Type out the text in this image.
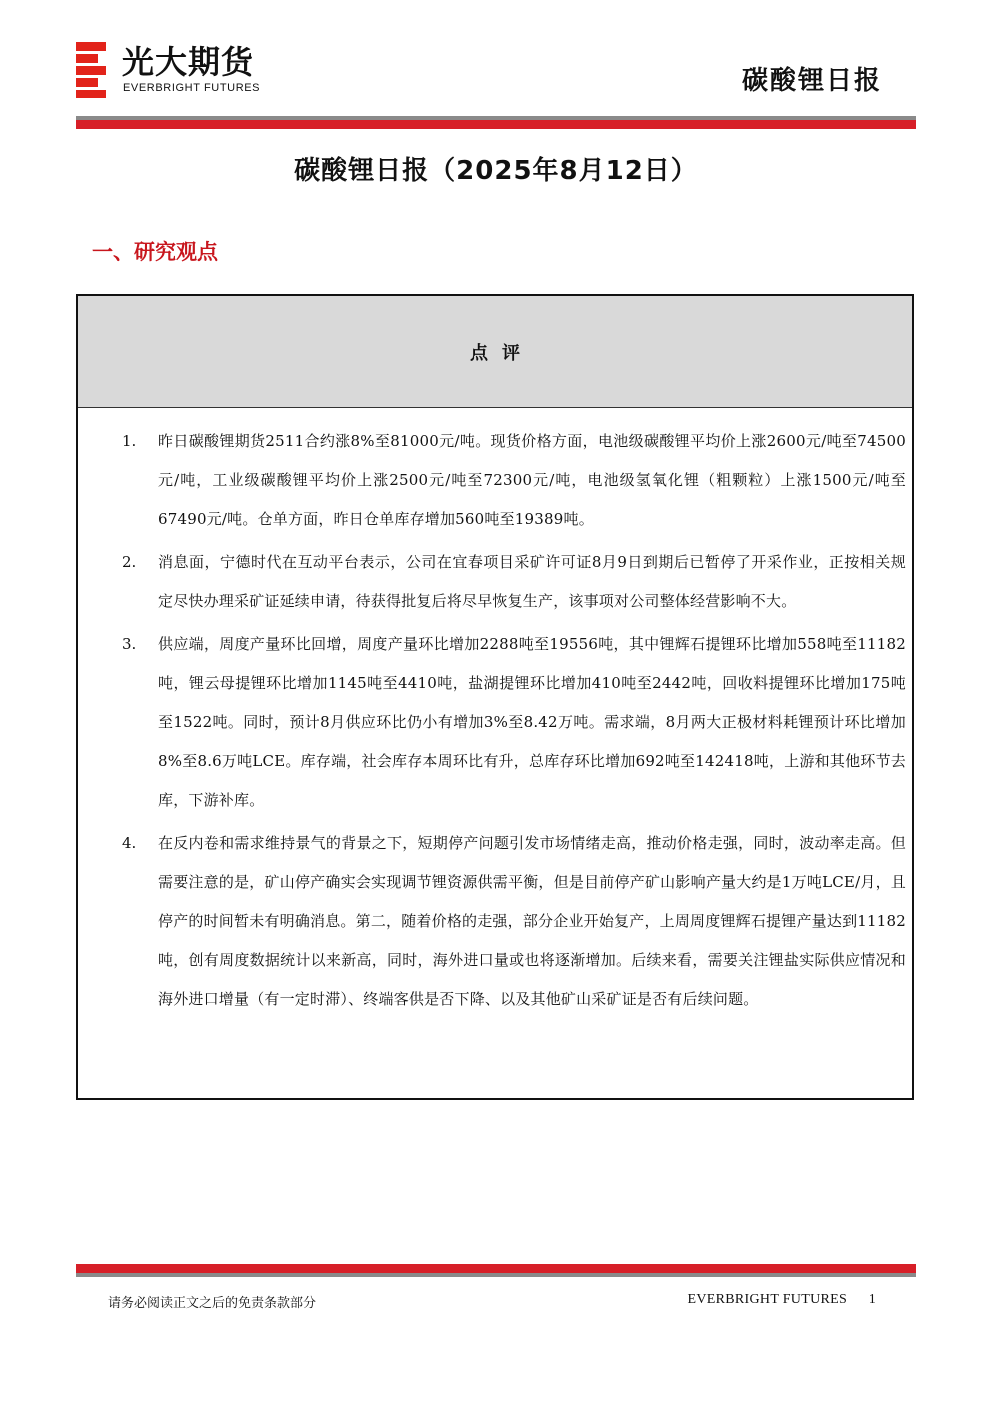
光大期货
EVERBRIGHT FUTURES	碳酸锂日报
碳酸锂日报（2025年8月12日）
一、研究观点
点评
1. 昨日碳酸锂期货2511合约涨8%至81000元/吨。现货价格方面，电池级碳酸锂平均价上涨2600元/吨至74500元/吨，工业级碳酸锂平均价上涨2500元/吨至72300元/吨，电池级氢氧化锂（粗颗粒）上涨1500元/吨至67490元/吨。仓单方面，昨日仓单库存增加560吨至19389吨。
2. 消息面，宁德时代在互动平台表示，公司在宜春项目采矿许可证8月9日到期后已暂停了开采作业，正按相关规定尽快办理采矿证延续申请，待获得批复后将尽早恢复生产，该事项对公司整体经营影响不大。
3. 供应端，周度产量环比回增，周度产量环比增加2288吨至19556吨，其中锂辉石提锂环比增加558吨至11182吨，锂云母提锂环比增加1145吨至4410吨，盐湖提锂环比增加410吨至2442吨，回收料提锂环比增加175吨至1522吨。同时，预计8月供应环比仍小有增加3%至8.42万吨。需求端，8月两大正极材料耗锂预计环比增加8%至8.6万吨LCE。库存端，社会库存本周环比有升，总库存环比增加692吨至142418吨，上游和其他环节去库，下游补库。
4. 在反内卷和需求维持景气的背景之下，短期停产问题引发市场情绪走高，推动价格走强，同时，波动率走高。但需要注意的是，矿山停产确实会实现调节锂资源供需平衡，但是目前停产矿山影响产量大约是1万吨LCE/月，且停产的时间暂未有明确消息。第二，随着价格的走强，部分企业开始复产，上周周度锂辉石提锂产量达到11182吨，创有周度数据统计以来新高，同时，海外进口量或也将逐渐增加。后续来看，需要关注锂盐实际供应情况和海外进口增量（有一定时滞）、终端客供是否下降、以及其他矿山采矿证是否有后续问题。
请务必阅读正文之后的免责条款部分	EVERBRIGHT FUTURES 1
